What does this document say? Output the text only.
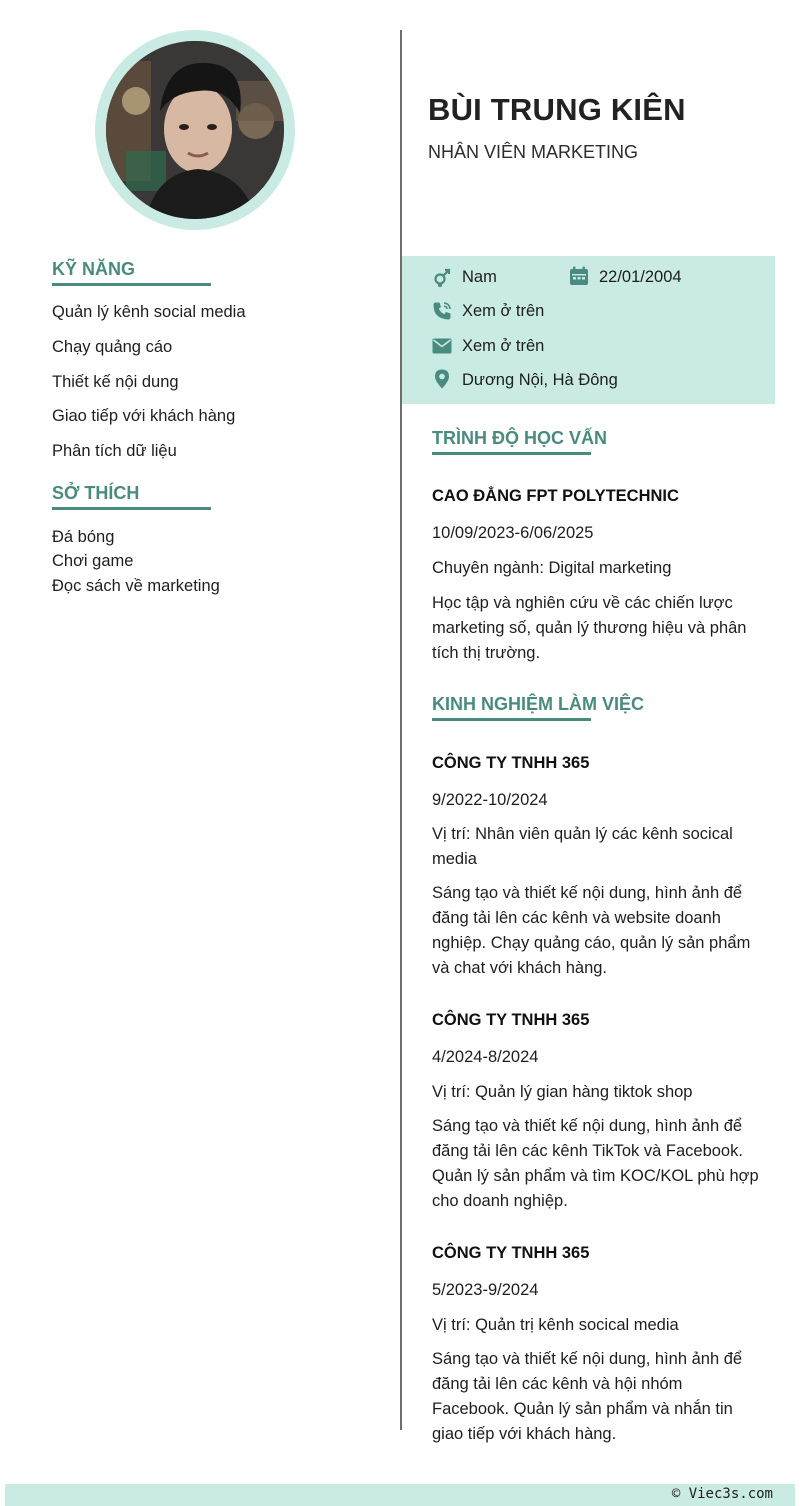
KỸ NĂNG
Quản lý kênh social media
Chạy quảng cáo
Thiết kế nội dung
Giao tiếp với khách hàng
Phân tích dữ liệu
SỞ THÍCH
Đá bóng
Chơi game
Đọc sách về marketing
BÙI TRUNG KIÊN
NHÂN VIÊN MARKETING
Nam	22/01/2004
Xem ở trên
Xem ở trên
Dương Nội, Hà Đông
TRÌNH ĐỘ HỌC VẤN
CAO ĐẲNG FPT POLYTECHNIC
10/09/2023-6/06/2025
Chuyên ngành: Digital marketing
Học tập và nghiên cứu về các chiến lược marketing số, quản lý thương hiệu và phân tích thị trường.
KINH NGHIỆM LÀM VIỆC
CÔNG TY TNHH 365
9/2022-10/2024
Vị trí: Nhân viên quản lý các kênh socical media
Sáng tạo và thiết kế nội dung, hình ảnh để đăng tải lên các kênh và website doanh nghiệp. Chạy quảng cáo, quản lý sản phẩm và chat với khách hàng.
CÔNG TY TNHH 365
4/2024-8/2024
Vị trí: Quản lý gian hàng tiktok shop
Sáng tạo và thiết kế nội dung, hình ảnh để đăng tải lên các kênh TikTok và Facebook. Quản lý sản phẩm và tìm KOC/KOL phù hợp cho doanh nghiệp.
CÔNG TY TNHH 365
5/2023-9/2024
Vị trí: Quản trị kênh socical media
Sáng tạo và thiết kế nội dung, hình ảnh để đăng tải lên các kênh và hội nhóm Facebook. Quản lý sản phẩm và nhắn tin giao tiếp với khách hàng.
© Viec3s.com
